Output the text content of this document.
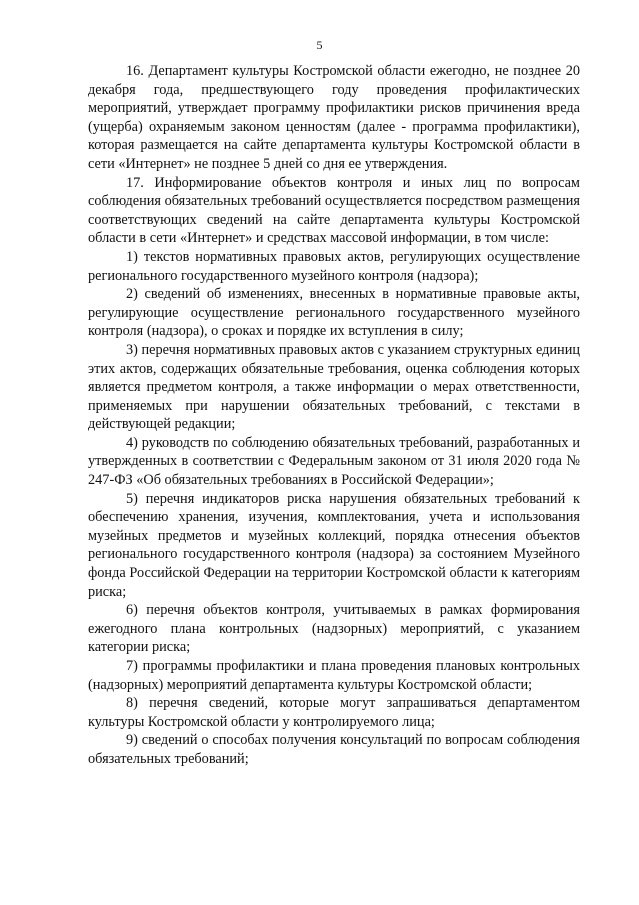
5

16. Департамент культуры Костромской области ежегодно, не позднее 20 декабря года, предшествующего году проведения профилактических мероприятий, утверждает программу профилактики рисков причинения вреда (ущерба) охраняемым законом ценностям (далее - программа профилактики), которая размещается на сайте департамента культуры Костромской области в сети «Интернет» не позднее 5 дней со дня ее утверждения.

17. Информирование объектов контроля и иных лиц по вопросам соблюдения обязательных требований осуществляется посредством размещения соответствующих сведений на сайте департамента культуры Костромской области в сети «Интернет» и средствах массовой информации, в том числе:

1) текстов нормативных правовых актов, регулирующих осуществление регионального государственного музейного контроля (надзора);

2) сведений об изменениях, внесенных в нормативные правовые акты, регулирующие осуществление регионального государственного музейного контроля (надзора), о сроках и порядке их вступления в силу;

3) перечня нормативных правовых актов с указанием структурных единиц этих актов, содержащих обязательные требования, оценка соблюдения которых является предметом контроля, а также информации о мерах ответственности, применяемых при нарушении обязательных требований, с текстами в действующей редакции;

4) руководств по соблюдению обязательных требований, разработанных и утвержденных в соответствии с Федеральным законом от 31 июля 2020 года № 247-ФЗ «Об обязательных требованиях в Российской Федерации»;

5) перечня индикаторов риска нарушения обязательных требований к обеспечению хранения, изучения, комплектования, учета и использования музейных предметов и музейных коллекций, порядка отнесения объектов регионального государственного контроля (надзора) за состоянием Музейного фонда Российской Федерации на территории Костромской области к категориям риска;

6) перечня объектов контроля, учитываемых в рамках формирования ежегодного плана контрольных (надзорных) мероприятий, с указанием категории риска;

7) программы профилактики и плана проведения плановых контрольных (надзорных) мероприятий департамента культуры Костромской области;

8) перечня сведений, которые могут запрашиваться департаментом культуры Костромской области у контролируемого лица;

9) сведений о способах получения консультаций по вопросам соблюдения обязательных требований;
